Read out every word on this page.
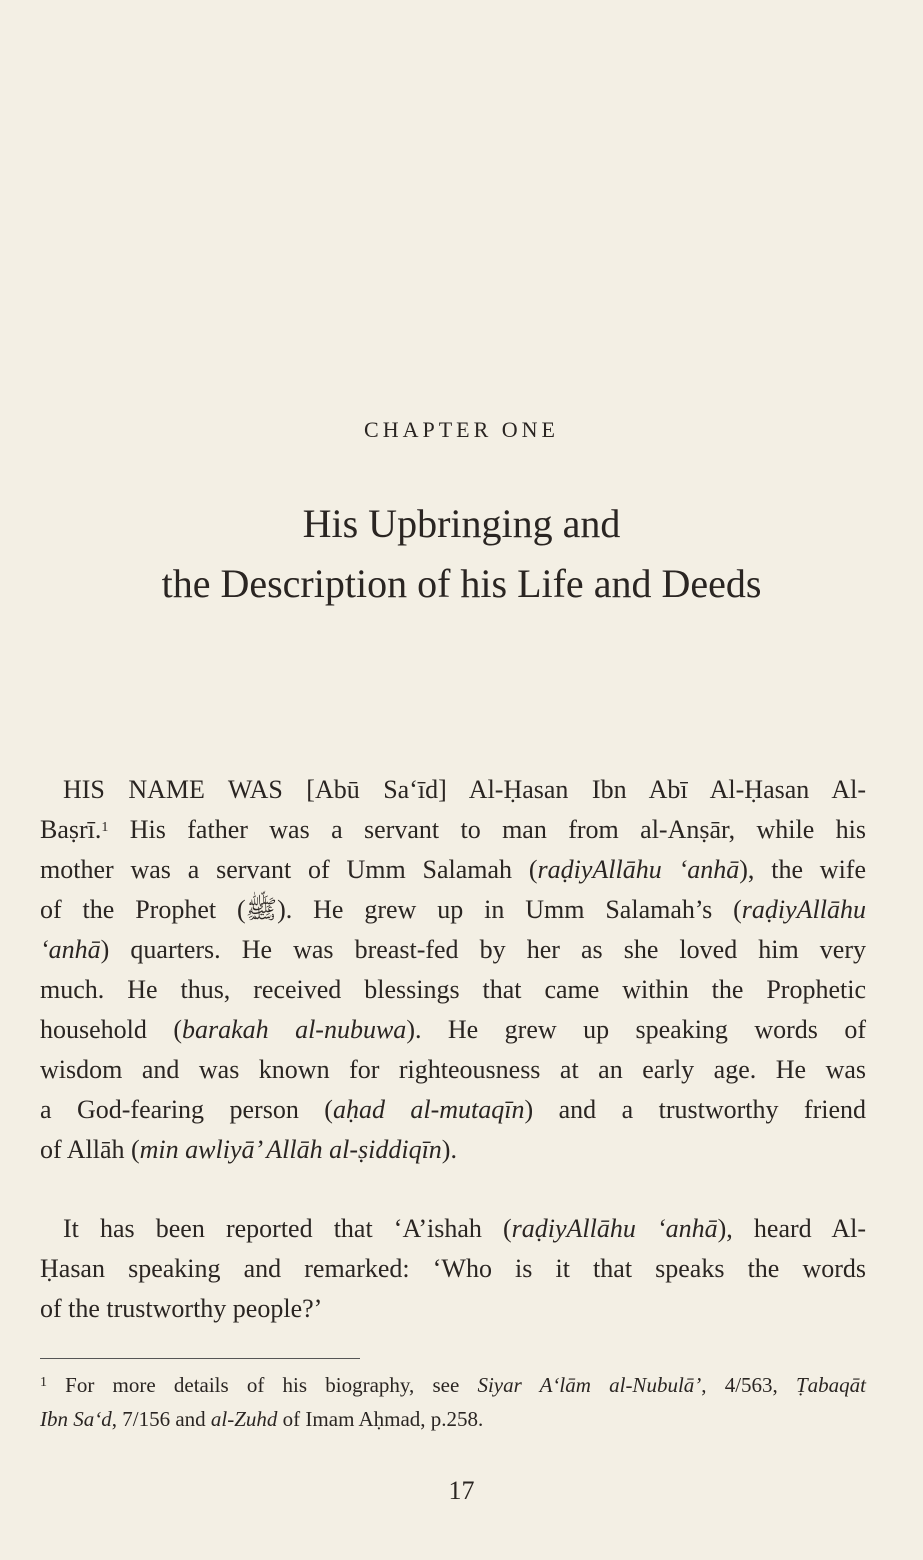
CHAPTER ONE
His Upbringing and
the Description of his Life and Deeds
HIS NAME WAS [Abū Sa‘īd] Al-Ḥasan Ibn Abī Al-Ḥasan Al-
Baṣrī.$^1$ His father was a servant to man from al-Anṣār, while his
mother was a servant of Umm Salamah (raḍiyAllāhu ‘anhā), the wife
of the Prophet (ﷺ). He grew up in Umm Salamah’s (raḍiyAllāhu
‘anhā) quarters. He was breast-fed by her as she loved him very
much. He thus, received blessings that came within the Prophetic
household (barakah al-nubuwa). He grew up speaking words of
wisdom and was known for righteousness at an early age. He was
a God-fearing person (aḥad al-mutaqīn) and a trustworthy friend
of Allāh (min awliyā’ Allāh al-ṣiddiqīn).
It has been reported that ‘A’ishah (raḍiyAllāhu ‘anhā), heard Al-
Ḥasan speaking and remarked: ‘Who is it that speaks the words
of the trustworthy people?’
$^1$ For more details of his biography, see Siyar A‘lām al-Nubulā’, 4/563, Ṭabaqāt
Ibn Sa‘d, 7/156 and al-Zuhd of Imam Aḥmad, p.258.
17
